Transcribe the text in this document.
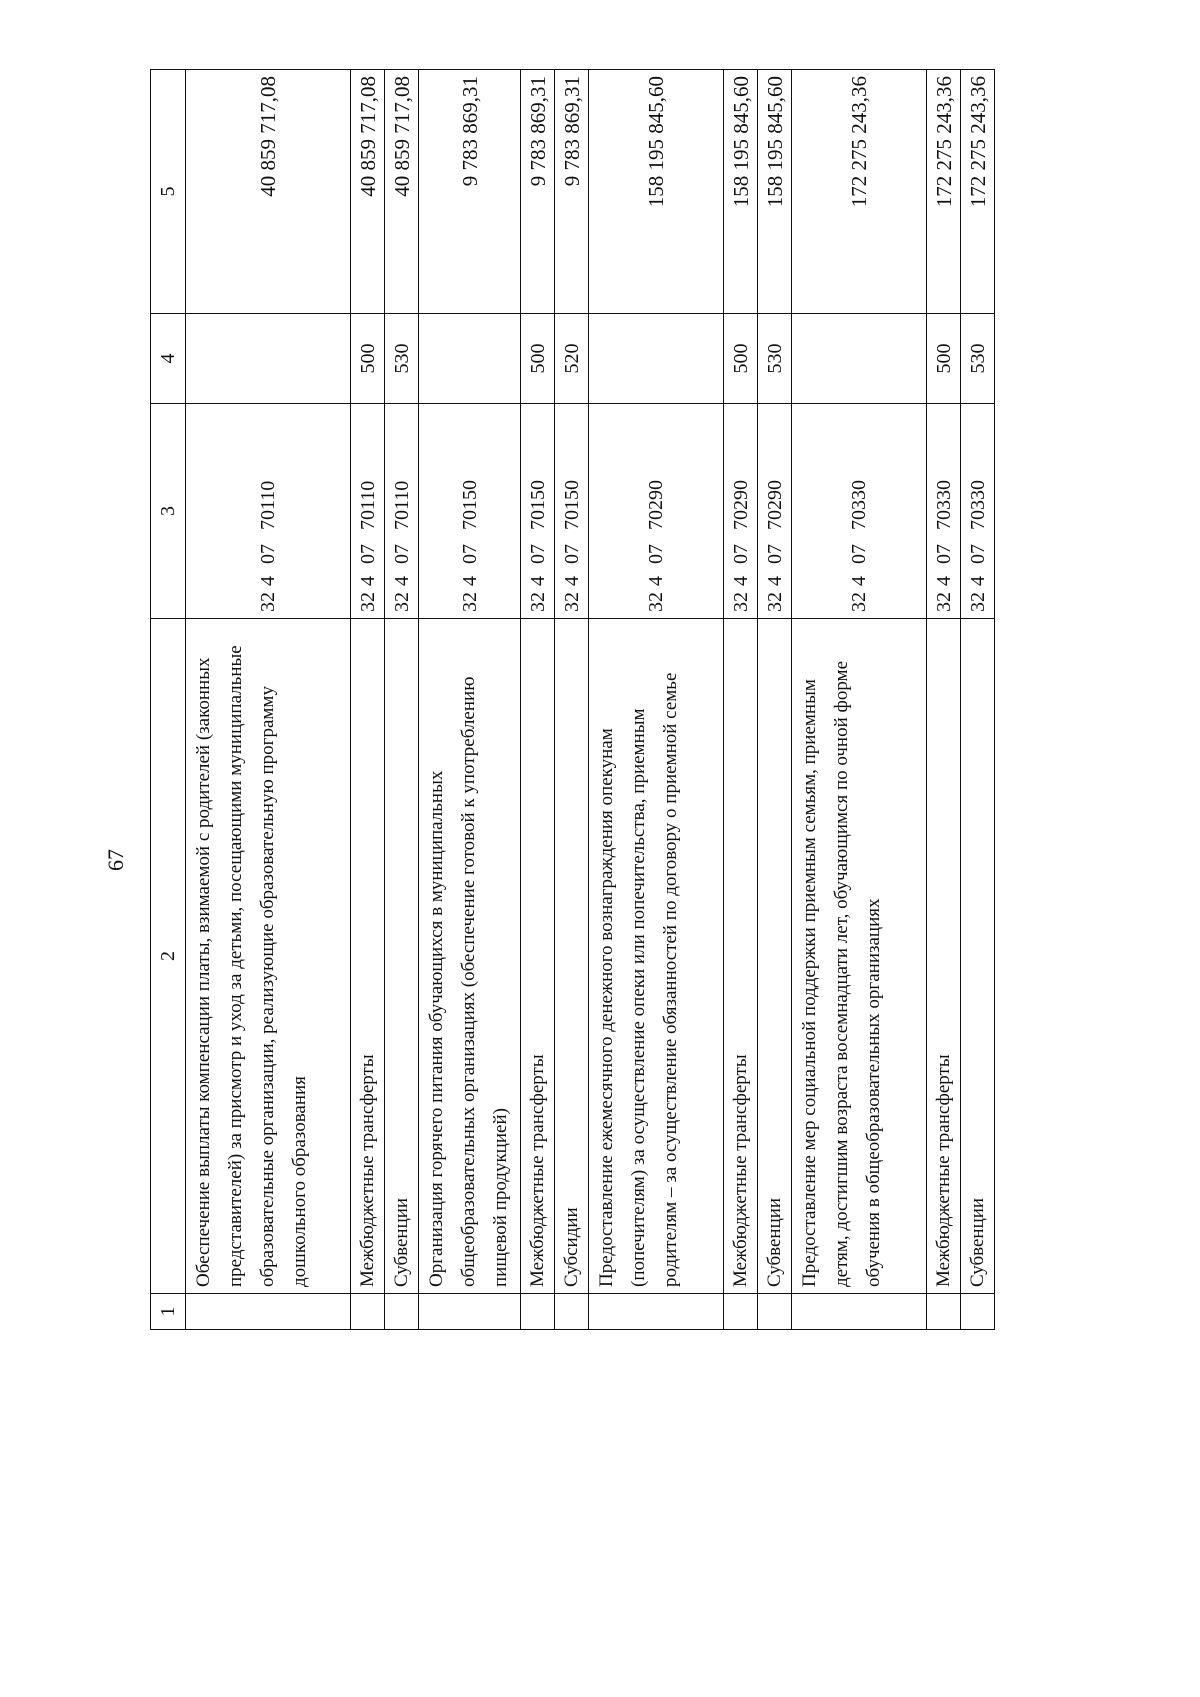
67
1	2	3	4	5
	Обеспечение выплаты компенсации платы, взимаемой с родителей (законных представителей) за присмотр и уход за детьми, посещающими муниципальные образовательные организации, реализующие образовательную программу дошкольного образования	3240770110		40 859 717,08
	Межбюджетные трансферты	3240770110	500	40 859 717,08
	Субвенции	3240770110	530	40 859 717,08
	Организация горячего питания обучающихся в муниципальных общеобразовательных организациях (обеспечение готовой к употреблению пищевой продукцией)	3240770150		9 783 869,31
	Межбюджетные трансферты	3240770150	500	9 783 869,31
	Субсидии	3240770150	520	9 783 869,31
	Предоставление ежемесячного денежного вознаграждения опекунам (попечителям) за осуществление опеки или попечительства, приемным родителям – за осуществление обязанностей по договору о приемной семье	3240770290		158 195 845,60
	Межбюджетные трансферты	3240770290	500	158 195 845,60
	Субвенции	3240770290	530	158 195 845,60
	Предоставление мер социальной поддержки приемным семьям, приемным детям, достигшим возраста восемнадцати лет, обучающимся по очной форме обучения в общеобразовательных организациях	3240770330		172 275 243,36
	Межбюджетные трансферты	3240770330	500	172 275 243,36
	Субвенции	3240770330	530	172 275 243,36
